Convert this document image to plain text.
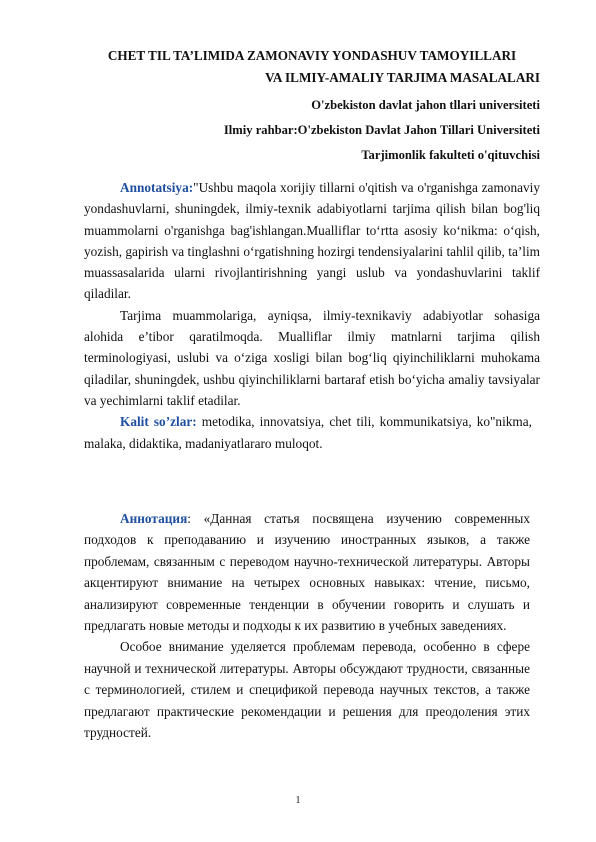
CHET TIL TA’LIMIDA ZAMONAVIY YONDASHUV TAMOYILLARI
VA ILMIY-AMALIY TARJIMA MASALALARI
O'zbekiston davlat jahon tllari universiteti
Ilmiy rahbar:O'zbekiston Davlat Jahon Tillari Universiteti
Tarjimonlik fakulteti o'qituvchisi

Annotatsiya:"Ushbu maqola xorijiy tillarni o'qitish va o'rganishga zamonaviy yondashuvlarni, shuningdek, ilmiy-texnik adabiyotlarni tarjima qilish bilan bog'liq muammolarni o'rganishga bag'ishlangan.Mualliflar to‘rtta asosiy ko‘nikma: o‘qish, yozish, gapirish va tinglashni o‘rgatishning hozirgi tendensiyalarini tahlil qilib, ta’lim muassasalarida ularni rivojlantirishning yangi uslub va yondashuvlarini taklif qiladilar.

Tarjima muammolariga, ayniqsa, ilmiy-texnikaviy adabiyotlar sohasiga alohida e’tibor qaratilmoqda. Mualliflar ilmiy matnlarni tarjima qilish terminologiyasi, uslubi va o‘ziga xosligi bilan bog‘liq qiyinchiliklarni muhokama qiladilar, shuningdek, ushbu qiyinchiliklarni bartaraf etish bo‘yicha amaliy tavsiyalar va yechimlarni taklif etadilar.

Kalit so’zlar: metodika, innovatsiya, chet tili, kommunikatsiya, ko"nikma, malaka, didaktika, madaniyatlararo muloqot.

Аннотация: «Данная статья посвящена изучению современных подходов к преподаванию и изучению иностранных языков, а также проблемам, связанным с переводом научно-технической литературы. Авторы акцентируют внимание на четырех основных навыках: чтение, письмо, анализируют современные тенденции в обучении говорить и слушать и предлагать новые методы и подходы к их развитию в учебных заведениях.

Особое внимание уделяется проблемам перевода, особенно в сфере научной и технической литературы. Авторы обсуждают трудности, связанные с терминологией, стилем и спецификой перевода научных текстов, а также предлагают практические рекомендации и решения для преодоления этих трудностей.

1
